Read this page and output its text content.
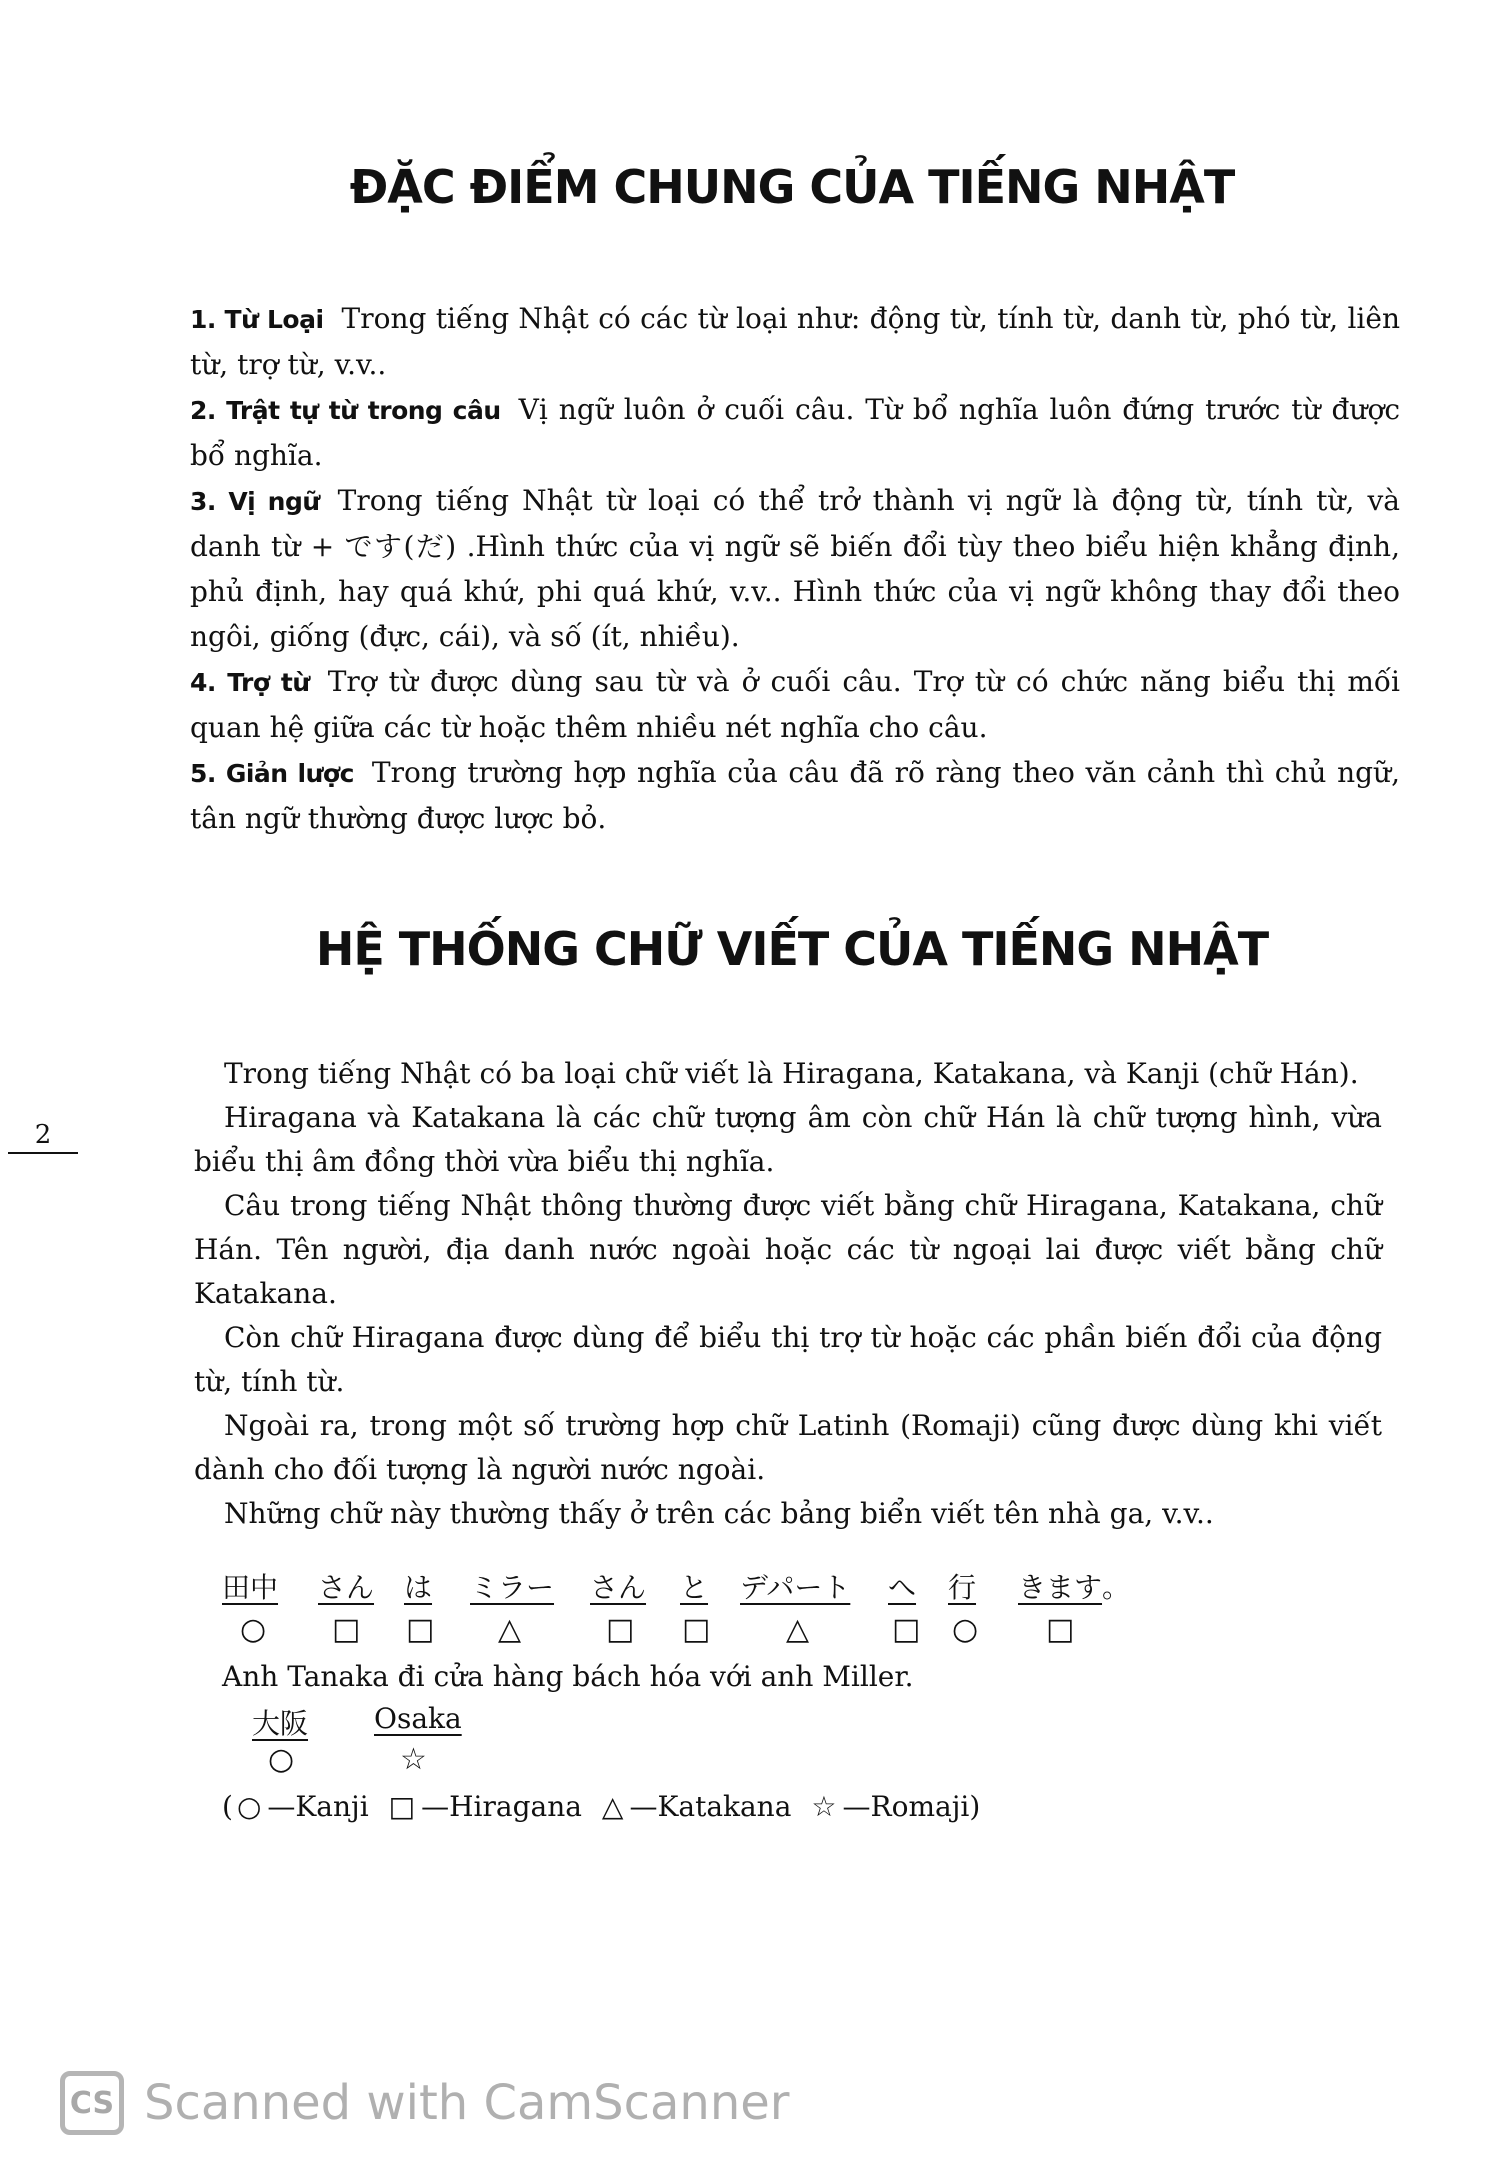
ĐẶC ĐIỂM CHUNG CỦA TIẾNG NHẬT

1. Từ Loại Trong tiếng Nhật có các từ loại như: động từ, tính từ, danh từ, phó từ, liên từ, trợ từ, v.v..

2. Trật tự từ trong câu Vị ngữ luôn ở cuối câu. Từ bổ nghĩa luôn đứng trước từ được bổ nghĩa.

3. Vị ngữ Trong tiếng Nhật từ loại có thể trở thành vị ngữ là động từ, tính từ, và danh từ + です(だ) .Hình thức của vị ngữ sẽ biến đổi tùy theo biểu hiện khẳng định, phủ định, hay quá khứ, phi quá khứ, v.v.. Hình thức của vị ngữ không thay đổi theo ngôi, giống (đực, cái), và số (ít, nhiều).

4. Trợ từ Trợ từ được dùng sau từ và ở cuối câu. Trợ từ có chức năng biểu thị mối quan hệ giữa các từ hoặc thêm nhiều nét nghĩa cho câu.

5. Giản lược Trong trường hợp nghĩa của câu đã rõ ràng theo văn cảnh thì chủ ngữ, tân ngữ thường được lược bỏ.

HỆ THỐNG CHỮ VIẾT CỦA TIẾNG NHẬT
2

Trong tiếng Nhật có ba loại chữ viết là Hiragana, Katakana, và Kanji (chữ Hán).

Hiragana và Katakana là các chữ tượng âm còn chữ Hán là chữ tượng hình, vừa biểu thị âm đồng thời vừa biểu thị nghĩa.

Câu trong tiếng Nhật thông thường được viết bằng chữ Hiragana, Katakana, chữ Hán. Tên người, địa danh nước ngoài hoặc các từ ngoại lai được viết bằng chữ Katakana.

Còn chữ Hiragana được dùng để biểu thị trợ từ hoặc các phần biến đổi của động từ, tính từ.

Ngoài ra, trong một số trường hợp chữ Latinh (Romaji) cũng được dùng khi viết dành cho đối tượng là người nước ngoài.

Những chữ này thường thấy ở trên các bảng biển viết tên nhà ga, v.v..

田中 さん は ミラー さん と デパート へ 行 きます 。
○ □ □ △	□ □	△	□ ○ □
Anh Tanaka đi cửa hàng bách hóa với anh Miller.
大阪 Osaka
○	☆
( ○ —Kanji □ —Hiragana △ —Katakana ☆ —Romaji)
CS Scanned with CamScanner
